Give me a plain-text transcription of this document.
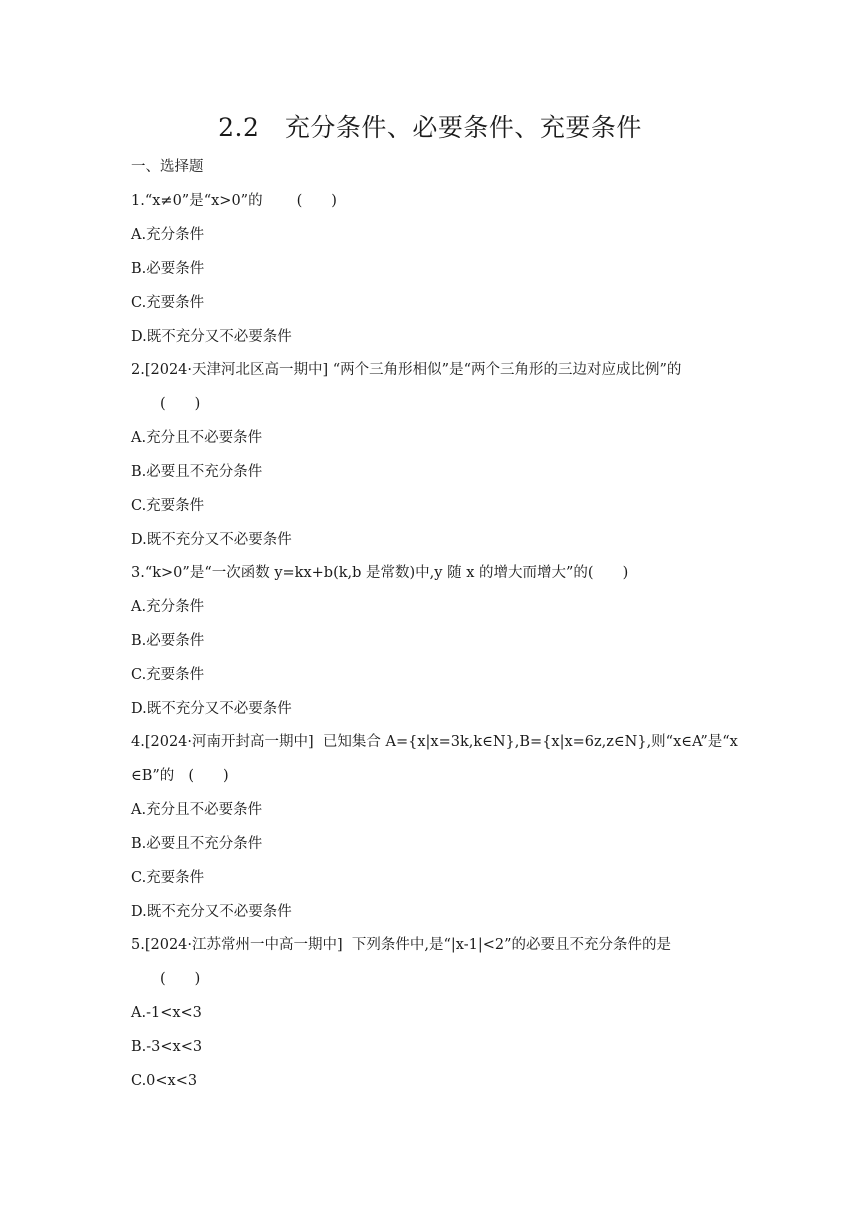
2.2　充分条件、必要条件、充要条件
一、选择题
1.“x≠0”是“x>0”的 (　　)
A.充分条件
B.必要条件
C.充要条件
D.既不充分又不必要条件
2.[2024·天津河北区高一期中] “两个三角形相似”是“两个三角形的三边对应成比例”的
(　　)
A.充分且不必要条件
B.必要且不充分条件
C.充要条件
D.既不充分又不必要条件
3.“k>0”是“一次函数 y=kx+b(k,b 是常数)中,y 随 x 的增大而增大”的(　　)
A.充分条件
B.必要条件
C.充要条件
D.既不充分又不必要条件
4.[2024·河南开封高一期中]  已知集合 A={x|x=3k,k∈N},B={x|x=6z,z∈N},则“x∈A”是“x
∈B”的 (　　)
A.充分且不必要条件
B.必要且不充分条件
C.充要条件
D.既不充分又不必要条件
5.[2024·江苏常州一中高一期中]  下列条件中,是“|x-1|<2”的必要且不充分条件的是
(　　)
A.-1<x<3
B.-3<x<3
C.0<x<3
